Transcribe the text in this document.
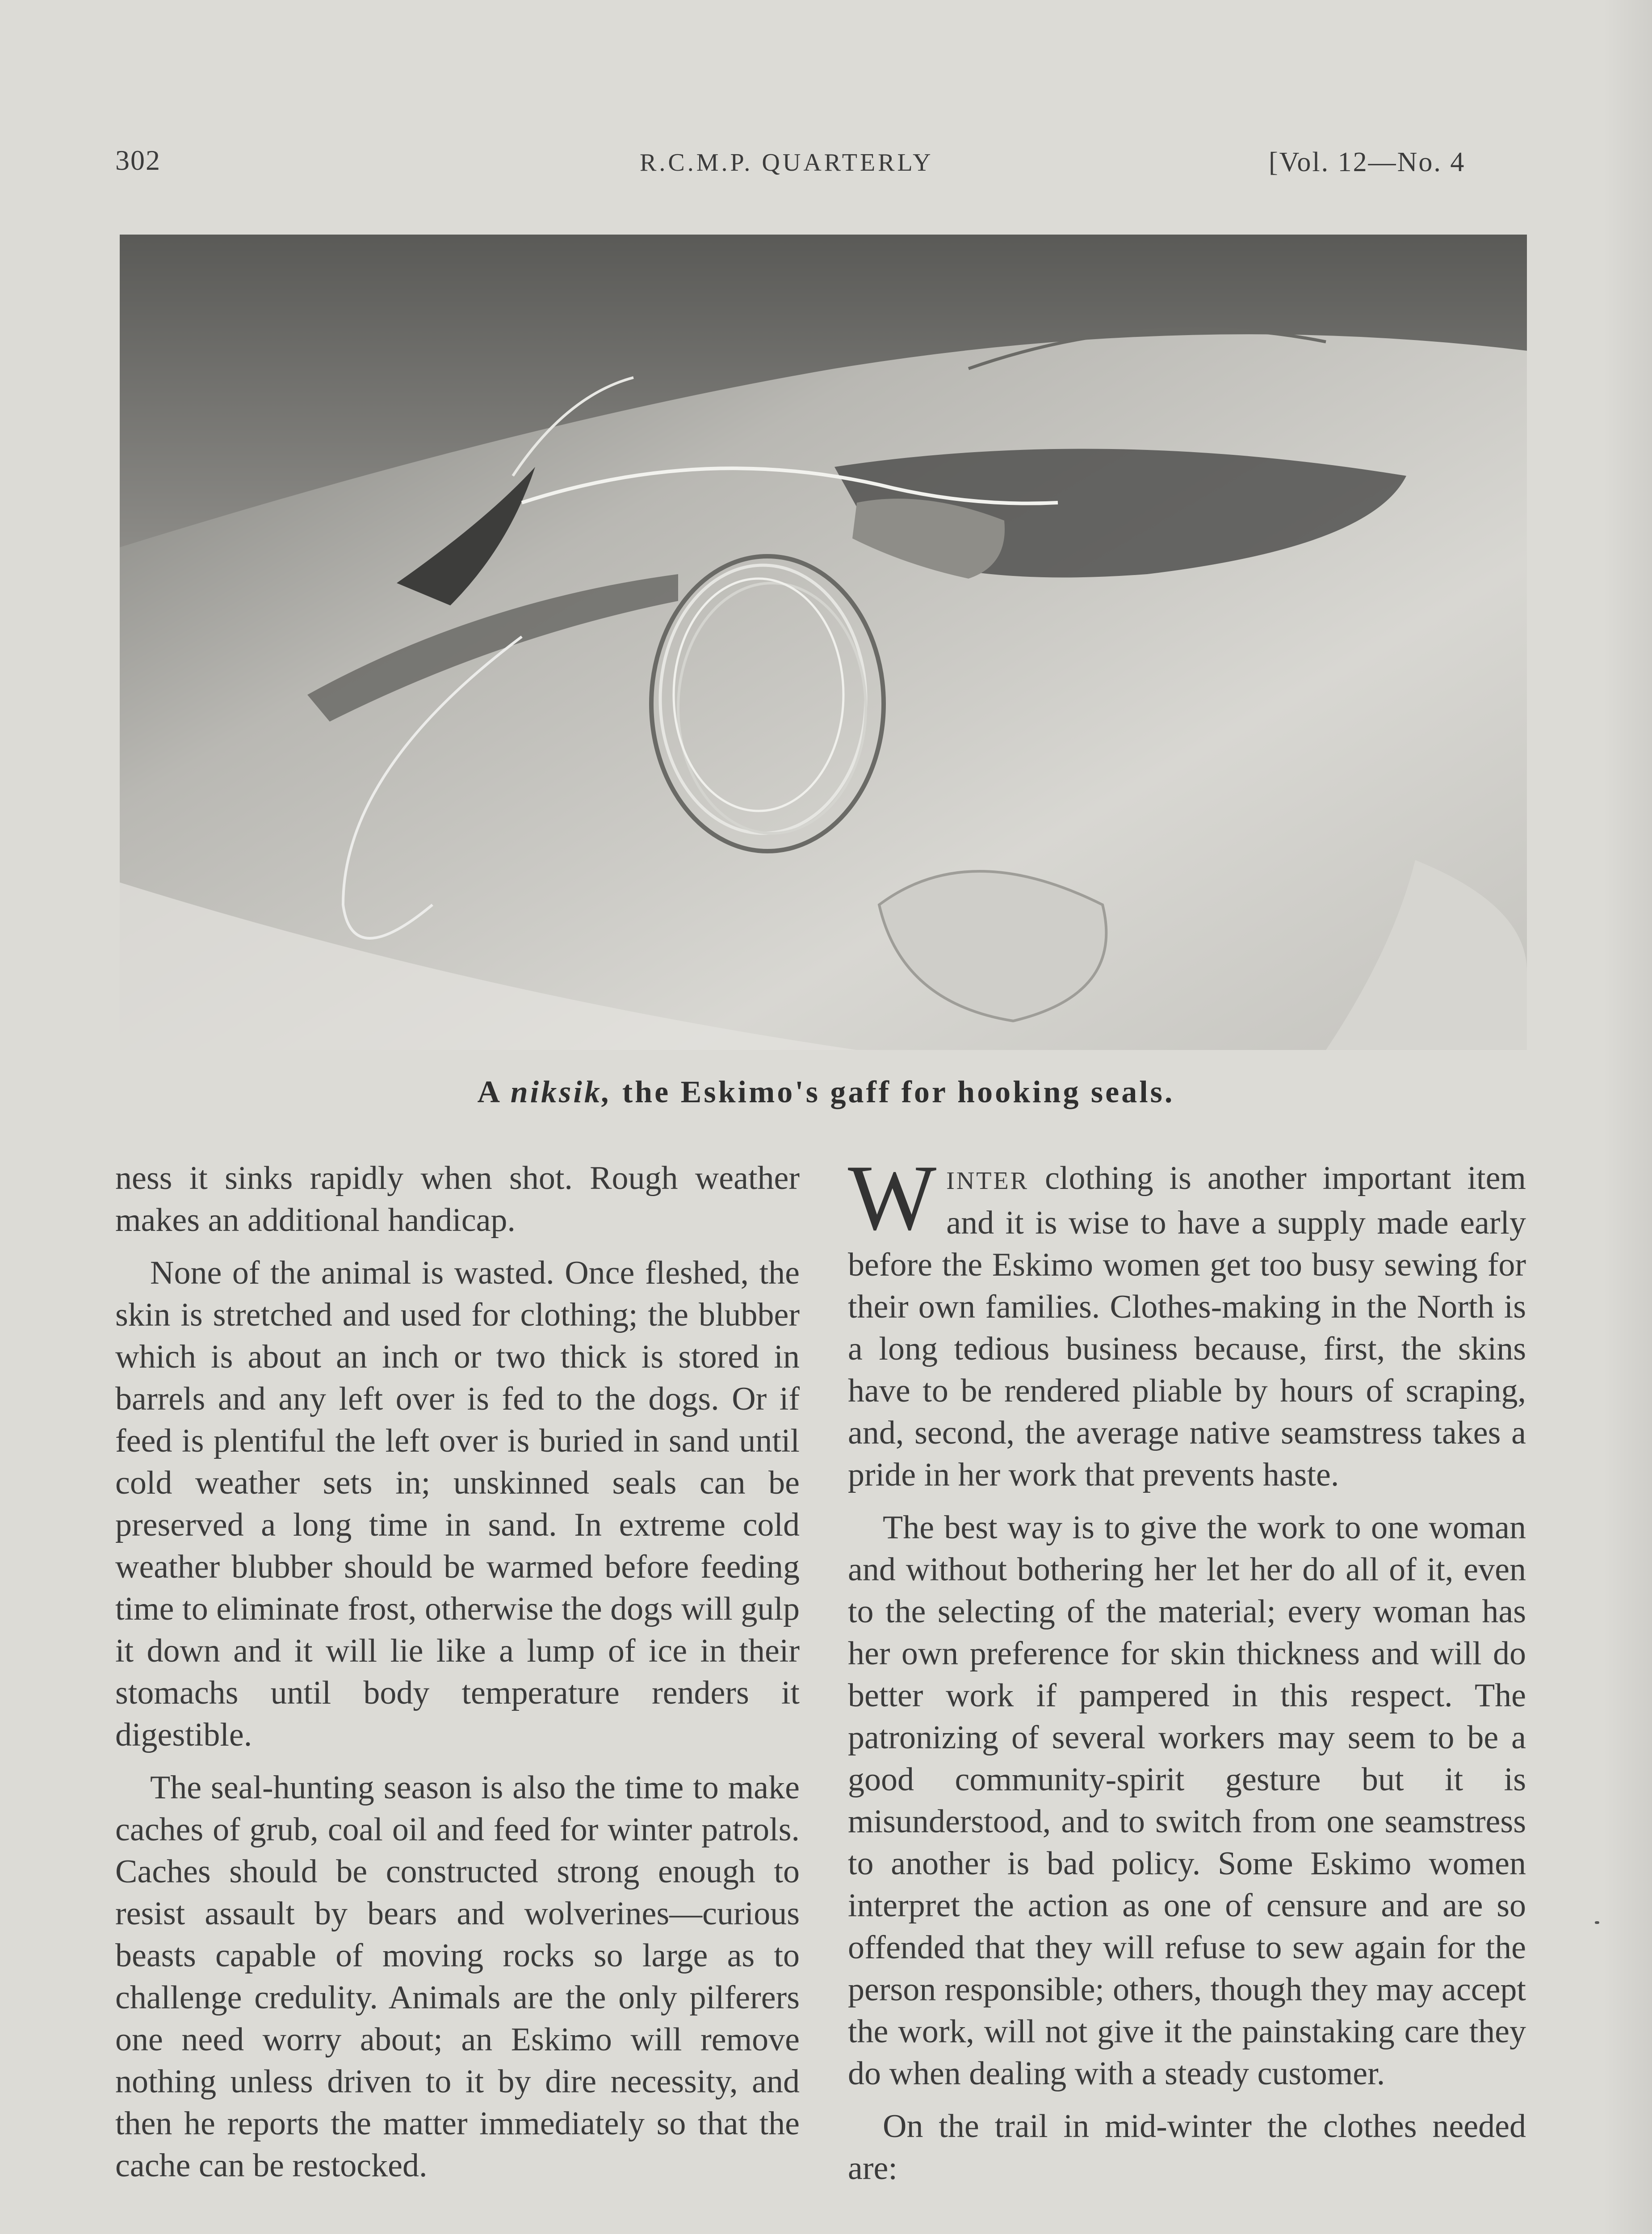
302	R.C.M.P. QUARTERLY	[Vol. 12—No. 4
A niksik, the Eskimo's gaff for hooking seals.

ness it sinks rapidly when shot. Rough weather makes an additional handicap.

None of the animal is wasted. Once fleshed, the skin is stretched and used for clothing; the blubber which is about an inch or two thick is stored in barrels and any left over is fed to the dogs. Or if feed is plentiful the left over is buried in sand until cold weather sets in; unskinned seals can be preserved a long time in sand. In extreme cold weather blubber should be warmed before feeding time to eliminate frost, otherwise the dogs will gulp it down and it will lie like a lump of ice in their stomachs until body temperature renders it digestible.

The seal-hunting season is also the time to make caches of grub, coal oil and feed for winter patrols. Caches should be constructed strong enough to resist assault by bears and wolverines—curious beasts capable of moving rocks so large as to challenge credulity. Animals are the only pilferers one need worry about; an Eskimo will remove nothing unless driven to it by dire necessity, and then he reports the matter immediately so that the cache can be restocked.

WINTER clothing is another important item and it is wise to have a supply made early before the Eskimo women get too busy sewing for their own families. Clothes-making in the North is a long tedious business because, first, the skins have to be rendered pliable by hours of scraping, and, second, the average native seamstress takes a pride in her work that prevents haste.

The best way is to give the work to one woman and without bothering her let her do all of it, even to the selecting of the material; every woman has her own preference for skin thickness and will do better work if pampered in this respect. The patronizing of several workers may seem to be a good community-spirit gesture but it is misunderstood, and to switch from one seamstress to another is bad policy. Some Eskimo women interpret the action as one of censure and are so offended that they will refuse to sew again for the person responsible; others, though they may accept the work, will not give it the painstaking care they do when dealing with a steady customer.

On the trail in mid-winter the clothes needed are:
